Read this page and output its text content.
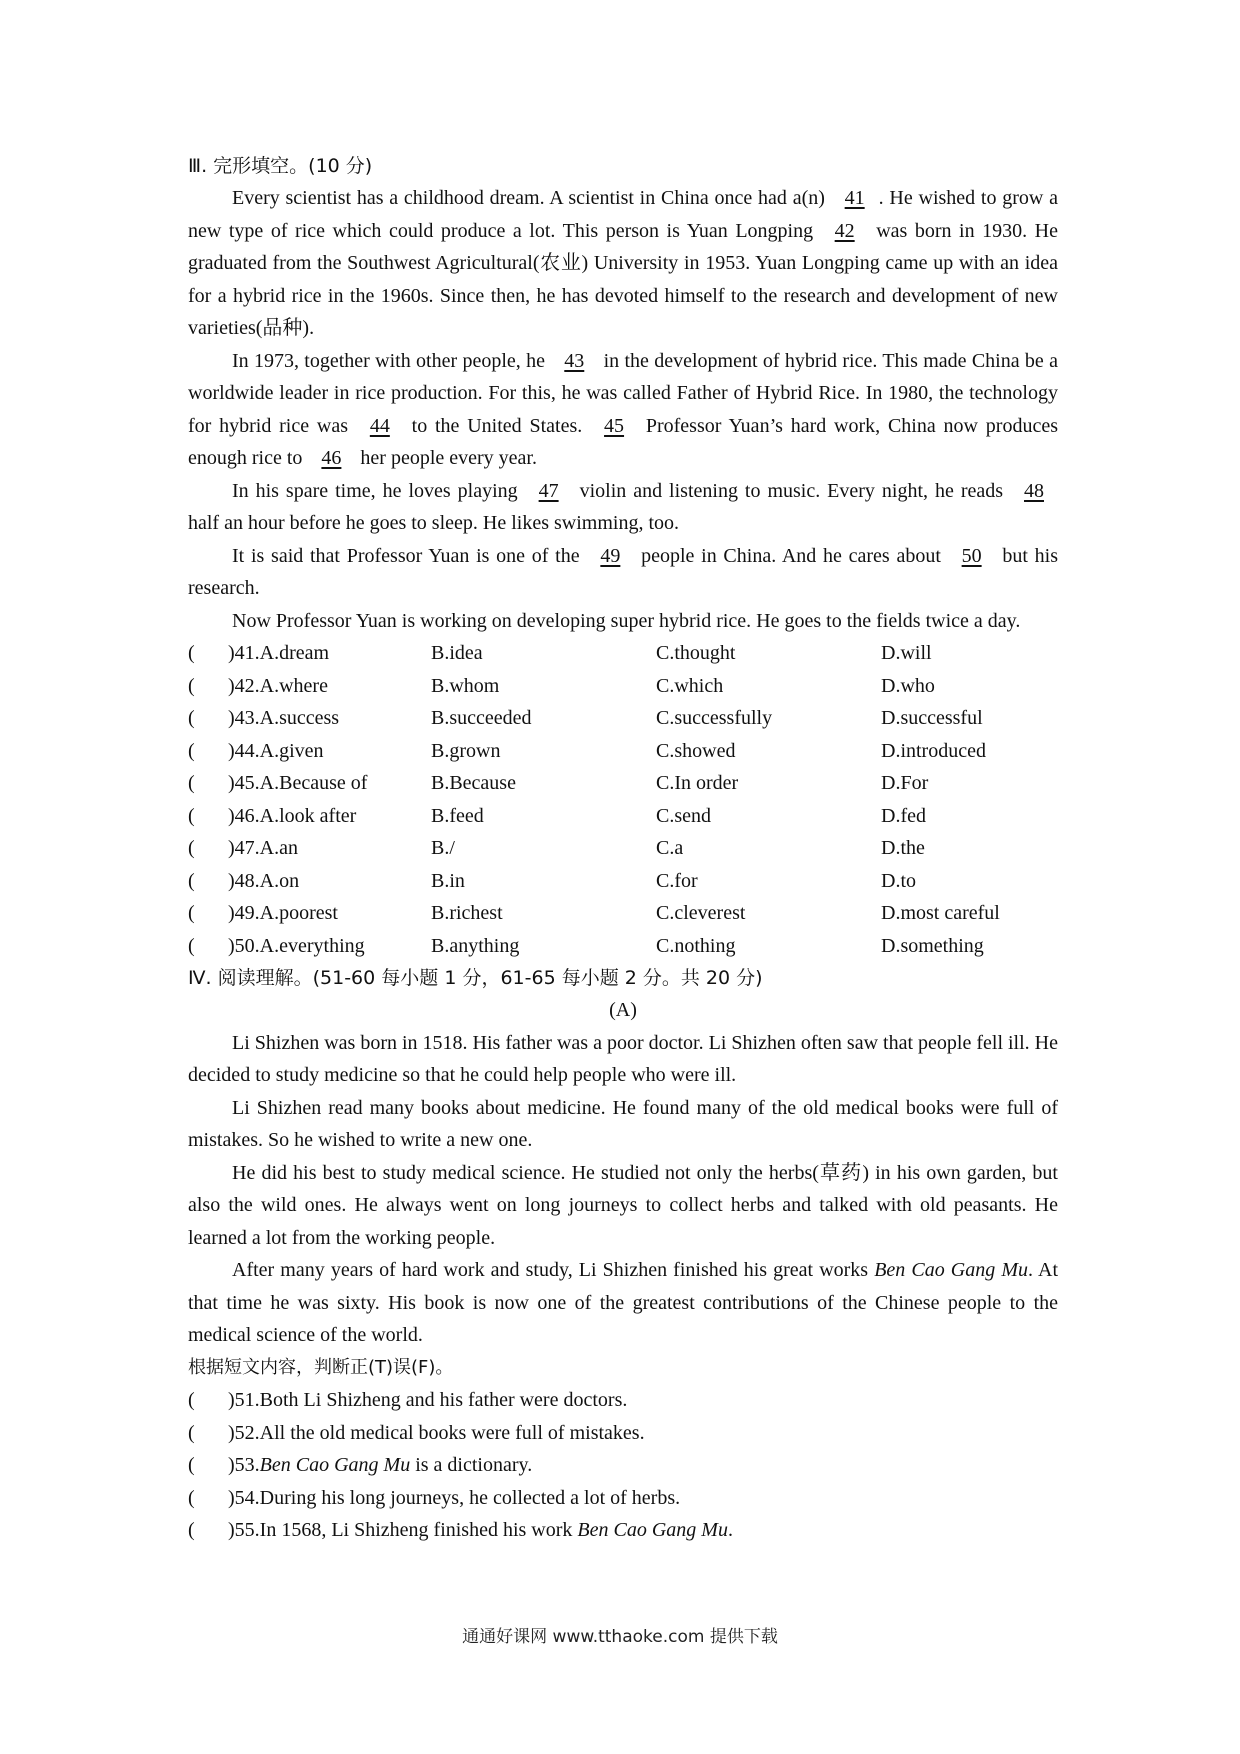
Ⅲ. 完形填空。(10 分)

Every scientist has a childhood dream. A scientist in China once had a(n) 41 . He wished to grow a new type of rice which could produce a lot. This person is Yuan Longping 42 was born in 1930. He graduated from the Southwest Agricultural(农业) University in 1953. Yuan Longping came up with an idea for a hybrid rice in the 1960s. Since then, he has devoted himself to the research and development of new varieties(品种).

In 1973, together with other people, he 43 in the development of hybrid rice. This made China be a worldwide leader in rice production. For this, he was called Father of Hybrid Rice. In 1980, the technology for hybrid rice was 44 to the United States. 45 Professor Yuan’s hard work, China now produces enough rice to 46 her people every year.

In his spare time, he loves playing 47 violin and listening to music. Every night, he reads 48 half an hour before he goes to sleep. He likes swimming, too.

It is said that Professor Yuan is one of the 49 people in China. And he cares about 50 but his research.

Now Professor Yuan is working on developing super hybrid rice. He goes to the fields twice a day.

(	)41.A.dream	B.idea	C.thought	D.will
(	)42.A.where	B.whom	C.which	D.who
(	)43.A.success	B.succeeded	C.successfully	D.successful
(	)44.A.given	B.grown	C.showed	D.introduced
(	)45.A.Because of	B.Because	C.In order	D.For
(	)46.A.look after	B.feed	C.send	D.fed
(	)47.A.an	B./	C.a	D.the
(	)48.A.on	B.in	C.for	D.to
(	)49.A.poorest	B.richest	C.cleverest	D.most careful
(	)50.A.everything	B.anything	C.nothing	D.something
Ⅳ. 阅读理解。(51-60 每小题 1 分，61-65 每小题 2 分。共 20 分)
(A)

Li Shizhen was born in 1518. His father was a poor doctor. Li Shizhen often saw that people fell ill. He decided to study medicine so that he could help people who were ill.

Li Shizhen read many books about medicine. He found many of the old medical books were full of mistakes. So he wished to write a new one.

He did his best to study medical science. He studied not only the herbs(草药) in his own garden, but also the wild ones. He always went on long journeys to collect herbs and talked with old peasants. He learned a lot from the working people.

After many years of hard work and study, Li Shizhen finished his great works Ben Cao Gang Mu. At that time he was sixty. His book is now one of the greatest contributions of the Chinese people to the medical science of the world.

根据短文内容，判断正(T)误(F)。
(	)51.Both Li Shizheng and his father were doctors.
(	)52.All the old medical books were full of mistakes.
(	)53.Ben Cao Gang Mu is a dictionary.
(	)54.During his long journeys, he collected a lot of herbs.
(	)55.In 1568, Li Shizheng finished his work Ben Cao Gang Mu.
通通好课网 www.tthaoke.com 提供下载
